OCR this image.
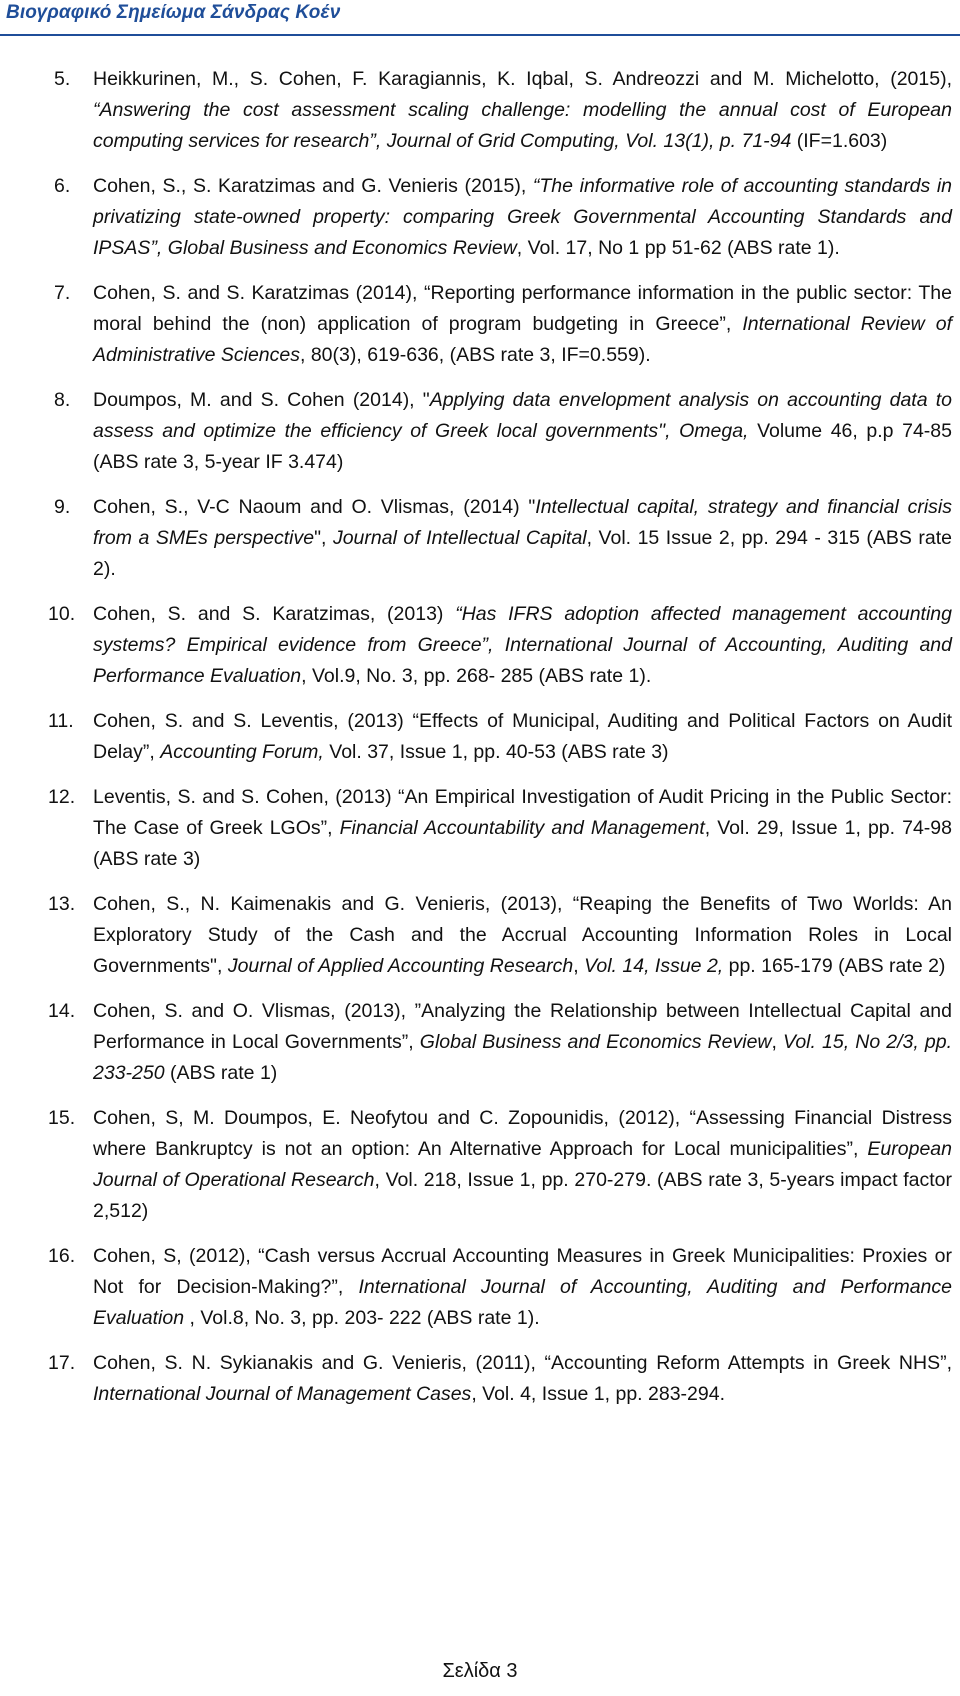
Βιογραφικό Σημείωμα Σάνδρας Κοέν
5. Heikkurinen, M., S. Cohen, F. Karagiannis, K. Iqbal, S. Andreozzi and M. Michelotto, (2015), “Answering the cost assessment scaling challenge: modelling the annual cost of European computing services for research”, Journal of Grid Computing, Vol. 13(1), p. 71-94 (IF=1.603)
6. Cohen, S., S. Karatzimas and G. Venieris (2015), “The informative role of accounting standards in privatizing state-owned property: comparing Greek Governmental Accounting Standards and IPSAS”, Global Business and Economics Review, Vol. 17, No 1 pp 51-62 (ABS rate 1).
7. Cohen, S. and S. Karatzimas (2014), “Reporting performance information in the public sector: The moral behind the (non) application of program budgeting in Greece”, International Review of Administrative Sciences, 80(3), 619-636, (ABS rate 3, IF=0.559).
8. Doumpos, M. and S. Cohen (2014), "Applying data envelopment analysis on accounting data to assess and optimize the efficiency of Greek local governments", Omega, Volume 46, p.p 74-85 (ABS rate 3, 5-year IF 3.474)
9. Cohen, S., V-C Naoum and O. Vlismas, (2014) "Intellectual capital, strategy and financial crisis from a SMEs perspective", Journal of Intellectual Capital, Vol. 15 Issue 2, pp. 294 - 315 (ABS rate 2).
10. Cohen, S. and S. Karatzimas, (2013) “Has IFRS adoption affected management accounting systems? Empirical evidence from Greece”, International Journal of Accounting, Auditing and Performance Evaluation, Vol.9, No. 3, pp. 268- 285 (ABS rate 1).
11. Cohen, S. and S. Leventis, (2013) “Effects of Municipal, Auditing and Political Factors on Audit Delay”, Accounting Forum, Vol. 37, Issue 1, pp. 40-53 (ABS rate 3)
12. Leventis, S. and S. Cohen, (2013) “An Empirical Investigation of Audit Pricing in the Public Sector: The Case of Greek LGOs”, Financial Accountability and Management, Vol. 29, Issue 1, pp. 74-98 (ABS rate 3)
13. Cohen, S., N. Kaimenakis and G. Venieris, (2013), “Reaping the Benefits of Two Worlds: An Exploratory Study of the Cash and the Accrual Accounting Information Roles in Local Governments", Journal of Applied Accounting Research, Vol. 14, Issue 2, pp. 165-179 (ABS rate 2)
14. Cohen, S. and O. Vlismas, (2013), ”Analyzing the Relationship between Intellectual Capital and Performance in Local Governments”, Global Business and Economics Review, Vol. 15, No 2/3, pp. 233-250 (ABS rate 1)
15. Cohen, S, M. Doumpos, E. Neofytou and C. Zopounidis, (2012), “Assessing Financial Distress where Bankruptcy is not an option: An Alternative Approach for Local municipalities”, European Journal of Operational Research, Vol. 218, Issue 1, pp. 270-279. (ABS rate 3, 5-years impact factor 2,512)
16. Cohen, S, (2012), “Cash versus Accrual Accounting Measures in Greek Municipalities: Proxies or Not for Decision-Making?”, International Journal of Accounting, Auditing and Performance Evaluation , Vol.8, No. 3, pp. 203- 222 (ABS rate 1).
17. Cohen, S. N. Sykianakis and G. Venieris, (2011), “Accounting Reform Attempts in Greek NHS”, International Journal of Management Cases, Vol. 4, Issue 1, pp. 283-294.
Σελίδα 3
